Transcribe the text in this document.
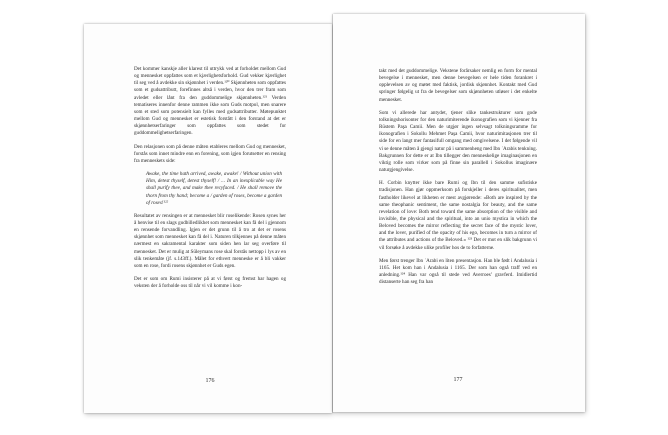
Det kommer kanskje aller klarest til uttrykk ved at forholdet mellom Gud og mennesket oppfattes som et kjærlighetsforhold. Gud vekker kjærlighet til seg ved å avdekke sin skjønnhet i verden.¹²⁰ Skjønnheten som oppfattes som et gudsattributt, forefinnes altså i verden, hvor den trer fram som avledet eller lånt fra den guddommelige skjønnheten.¹²¹ Verden tematiseres innenfor denne rammen ikke som Guds motpol, men snarere som et sted som potensielt kan fylles med gudsattributter. Møtepunktet mellom Gud og mennesket er estetisk forstått i den forstand at det er skjønnhetserfaringer som oppfattes som stedet for guddommelighetserfaringen.

Den relasjonen som på denne måten etableres mellom Gud og mennesket, forstås som innet mindre enn en forening, som igjen forutsetter en rensing fra menneskets side:

Awake, the time hath arrived, awake, awake! / Without union with Him, detest thyself, detest thyself! / … In an inexplicable way He shall purify thee, and make thee recyfaced. / He shall remove the thorn from thy hand; become a / garden of roses, become a garden of roses!¹²²

Resultatet av rensingen er at mennesket blir roselikende: Rosen synes her å henvise til en slags gudbilledlikhet som mennesket kan få del i gjennom en rensende forvandling. Igjen er det grunn til å tro at det er rosens skjønnhet som mennesket kan få del i. Naturen tilkjennes på denne måten nærmest en sakramental karakter som siden hen lar seg overføre til mennesket. Det er mulig at Süleymans rose skal forstås nettopp i lys av en slik tenkemåte (jf. s.143ff.). Målet for ethvert menneske er å bli vakker som en rose, fordi rosens skjønnhet er Guds egen.

Det er som om Rumi insisterer på at vi først og fremst har hagen og veksten der å forholde oss til når vi vil komme i kon-

176

takt med det guddommelige. Vekstene forårsaker nemlig en form for mental bevegelse i mennesket, men denne bevegelsen er hele tiden forankret i opplevelsen av og møtet med faktisk, jordisk skjønnhet. Kontakt med Gud springer følgelig ut fra de bevegelser som skjønnheten utløser i det enkelte mennesket.

Som vi allerede har antydet, tjener slike tankestrukturer som gode tolkningshorisonter for den naturimiterende ikonografien som vi kjenner fra Rüstem Paşa Camii. Men de utgjør ingen selvsagt tolkningsramme for ikonografien i Sokollu Mehmet Paşa Camii, hvor naturimitasjonen trer til side for en langt mer fantasifull omgang med omgivelsene. I det følgende vil vi se denne måten å gjengi natur på i sammenheng med Ibn ʿArabis tenkning. Bakgrunnen for dette er at Ibn tillegger den menneskelige imaginasjonen en viktig rolle som virker som på finne sin parallell i Sokollus imaginære naturgjengivelse.

H. Corbin knytter ikke bare Rumi og Ibn til den samme sufistiske tradisjonen. Han gjør oppmerksom på forskjeller i deres spiritualitet, men fastholder likevel at likheten er mest avgjørende: «Both are inspired by the same theophanic sentiment, the same nostalgia for beauty, and the same revelation of love: Both tend toward the same absorption of the visible and invisible, the physical and the spiritual, into an unio mystica in which the Beloved becomes the mirror reflecting the secret face of the mystic lover, and the lover, purified of the opacity of his ego, becomes in turn a mirror of the attributes and actions of the Beloved.» ¹²³ Det er mot en slik bakgrunn vi vil forsøke å avdekke ulike profiler hos de to forfatterne.

Men først trenger Ibn ʿArabi en liten presentasjon. Han ble født i Andalusia i 1165. Het kom han i Andalusia i 1165. Der som han også traff ved en anledning.¹²⁴ Han var også til stede ved Averroes’ gravferd. Imidlertid distanserte han seg fra han

177
